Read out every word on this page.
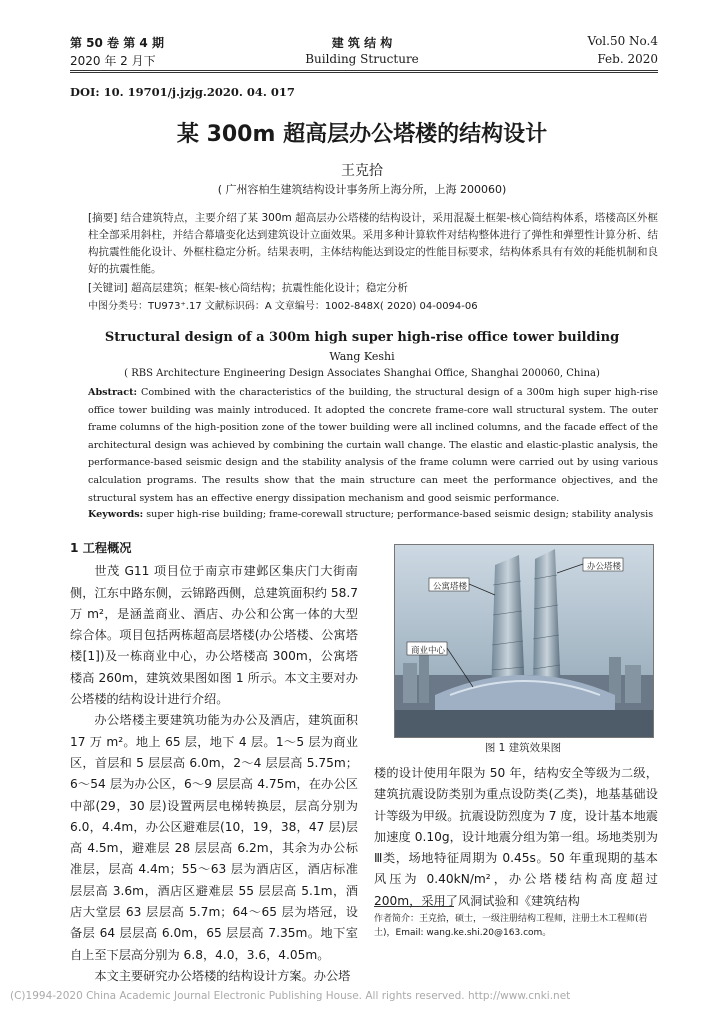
第 50 卷 第 4 期
2020 年 2 月下
建 筑 结 构
Building Structure
Vol.50 No.4
Feb. 2020
DOI: 10. 19701/j.jzjg.2020. 04. 017
某 300m 超高层办公塔楼的结构设计
王克拾
( 广州容柏生建筑结构设计事务所上海分所，上海 200060)
[摘要] 结合建筑特点，主要介绍了某 300m 超高层办公塔楼的结构设计，采用混凝土框架-核心筒结构体系，塔楼高区外框柱全部采用斜柱，并结合幕墙变化达到建筑设计立面效果。采用多种计算软件对结构整体进行了弹性和弹塑性计算分析、结构抗震性能化设计、外框柱稳定分析。结果表明，主体结构能达到设定的性能目标要求，结构体系具有有效的耗能机制和良好的抗震性能。
[关键词] 超高层建筑；框架-核心筒结构；抗震性能化设计；稳定分析
中图分类号：TU973⁺.17 文献标识码：A 文章编号：1002-848X( 2020) 04-0094-06
Structural design of a 300m high super high-rise office tower building
Wang Keshi
( RBS Architecture Engineering Design Associates Shanghai Office, Shanghai 200060, China)
Abstract: Combined with the characteristics of the building, the structural design of a 300m high super high-rise office tower building was mainly introduced. It adopted the concrete frame-core wall structural system. The outer frame columns of the high-position zone of the tower building were all inclined columns, and the facade effect of the architectural design was achieved by combining the curtain wall change. The elastic and elastic-plastic analysis, the performance-based seismic design and the stability analysis of the frame column were carried out by using various calculation programs. The results show that the main structure can meet the performance objectives, and the structural system has an effective energy dissipation mechanism and good seismic performance.
Keywords: super high-rise building; frame-corewall structure; performance-based seismic design; stability analysis
1 工程概况

世茂 G11 项目位于南京市建邺区集庆门大街南侧，江东中路东侧，云锦路西侧，总建筑面积约 58.7 万 m²，是涵盖商业、酒店、办公和公寓一体的大型综合体。项目包括两栋超高层塔楼(办公塔楼、公寓塔楼[1])及一栋商业中心，办公塔楼高 300m，公寓塔楼高 260m，建筑效果图如图 1 所示。本文主要对办公塔楼的结构设计进行介绍。

办公塔楼主要建筑功能为办公及酒店，建筑面积 17 万 m²。地上 65 层，地下 4 层。1～5 层为商业区，首层和 5 层层高 6.0m，2～4 层层高 5.75m；6～54 层为办公区，6～9 层层高 4.75m，在办公区中部(29，30 层)设置两层电梯转换层，层高分别为 6.0，4.4m，办公区避难层(10，19，38，47 层)层高 4.5m，避难层 28 层层高 6.2m，其余为办公标准层，层高 4.4m；55～63 层为酒店区，酒店标准层层高 3.6m，酒店区避难层 55 层层高 5.1m，酒店大堂层 63 层层高 5.7m；64～65 层为塔冠，设备层 64 层层高 6.0m，65 层层高 7.35m。地下室自上至下层高分别为 6.8，4.0，3.6，4.05m。

本文主要研究办公塔楼的结构设计方案。办公塔

公寓塔楼
办公塔楼
商业中心
图 1 建筑效果图
楼的设计使用年限为 50 年，结构安全等级为二级，建筑抗震设防类别为重点设防类(乙类)，地基基础设计等级为甲级。抗震设防烈度为 7 度，设计基本地震加速度 0.10g，设计地震分组为第一组。场地类别为Ⅲ类，场地特征周期为 0.45s。50 年重现期的基本风压为 0.40kN/m²，办公塔楼结构高度超过 200m，采用了风洞试验和《建筑结构
作者简介：王克拾，硕士，一级注册结构工程师，注册土木工程师(岩土)，Email: wang.ke.shi.20@163.com。
(C)1994-2020 China Academic Journal Electronic Publishing House. All rights reserved. http://www.cnki.net
